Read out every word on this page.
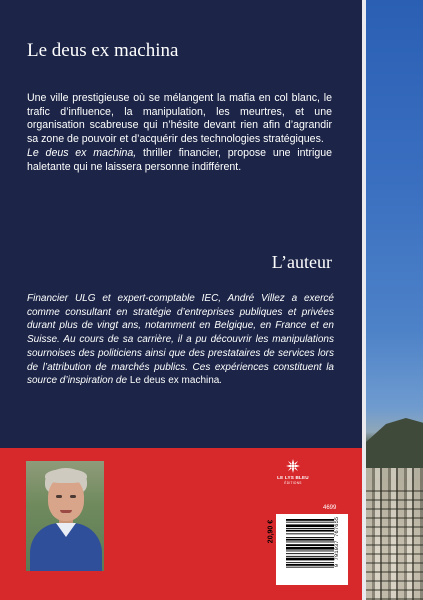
Le deus ex machina

Une ville prestigieuse où se mélangent la mafia en col blanc, le trafic d’influence, la manipulation, les meurtres, et une organisation scabreuse qui n’hésite devant rien afin d’agrandir sa zone de pouvoir et d’acquérir des technologies stratégiques.

Le deus ex machina, thriller financier, propose une intrigue haletante qui ne laissera personne indifférent.

L’auteur

Financier ULG et expert-comptable IEC, André Villez a exercé comme consultant en stratégie d’entreprises publiques et privées durant plus de vingt ans, notamment en Belgique, en France et en Suisse. Au cours de sa carrière, il a pu découvrir les manipulations sournoises des politiciens ainsi que des prestataires de services lors de l’attribution de marchés publics. Ces expériences constituent la source d’inspiration de Le deus ex machina.

LE LYS BLEU
ÉDITIONS
4699
20,90 €	9 791037 767655
